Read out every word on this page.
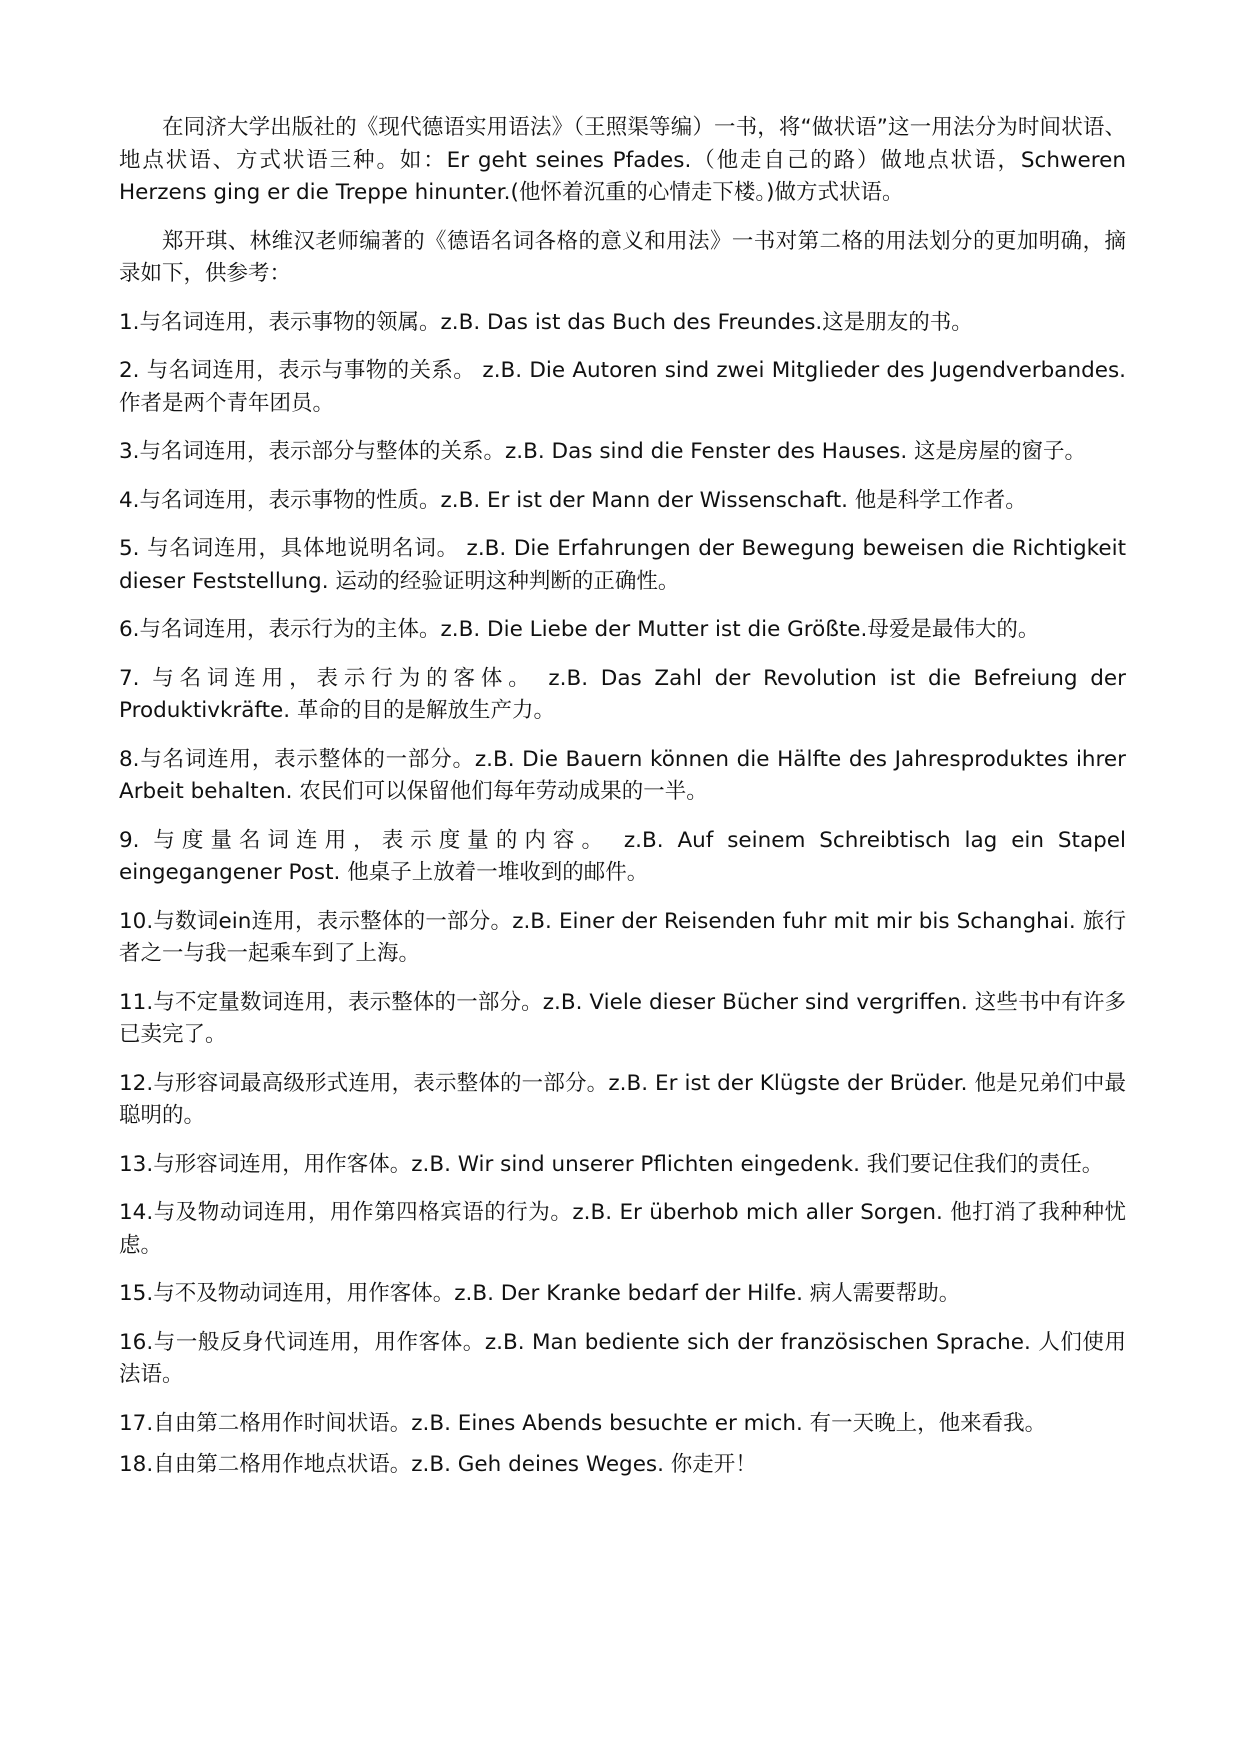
在同济大学出版社的《现代德语实用语法》（王照渠等编）一书，将“做状语”这一用法分为时间状语、地点状语、方式状语三种。如：Er geht seines Pfades.（他走自己的路）做地点状语，Schweren Herzens ging er die Treppe hinunter.(他怀着沉重的心情走下楼。)做方式状语。

郑开琪、林维汉老师编著的《德语名词各格的意义和用法》一书对第二格的用法划分的更加明确，摘录如下，供参考：

1.与名词连用，表示事物的领属。z.B. Das ist das Buch des Freundes.这是朋友的书。

2. 与名词连用，表示与事物的关系。 z.B. Die Autoren sind zwei Mitglieder des Jugendverbandes. 作者是两个青年团员。

3.与名词连用，表示部分与整体的关系。z.B. Das sind die Fenster des Hauses. 这是房屋的窗子。

4.与名词连用，表示事物的性质。z.B. Er ist der Mann der Wissenschaft. 他是科学工作者。

5. 与名词连用，具体地说明名词。 z.B. Die Erfahrungen der Bewegung beweisen die Richtigkeit dieser Feststellung. 运动的经验证明这种判断的正确性。

6.与名词连用，表示行为的主体。z.B. Die Liebe der Mutter ist die Größte.母爱是最伟大的。

7. 与名词连用，表示行为的客体。 z.B. Das Zahl der Revolution ist die Befreiung der Produktivkräfte. 革命的目的是解放生产力。

8.与名词连用，表示整体的一部分。z.B. Die Bauern können die Hälfte des Jahresproduktes ihrer Arbeit behalten. 农民们可以保留他们每年劳动成果的一半。

9. 与度量名词连用，表示度量的内容。 z.B. Auf seinem Schreibtisch lag ein Stapel eingegangener Post. 他桌子上放着一堆收到的邮件。

10.与数词ein连用，表示整体的一部分。z.B. Einer der Reisenden fuhr mit mir bis Schanghai. 旅行者之一与我一起乘车到了上海。

11.与不定量数词连用，表示整体的一部分。z.B. Viele dieser Bücher sind vergriffen. 这些书中有许多已卖完了。

12.与形容词最高级形式连用，表示整体的一部分。z.B. Er ist der Klügste der Brüder. 他是兄弟们中最聪明的。

13.与形容词连用，用作客体。z.B. Wir sind unserer Pflichten eingedenk. 我们要记住我们的责任。

14.与及物动词连用，用作第四格宾语的行为。z.B. Er überhob mich aller Sorgen. 他打消了我种种忧虑。

15.与不及物动词连用，用作客体。z.B. Der Kranke bedarf der Hilfe. 病人需要帮助。

16.与一般反身代词连用，用作客体。z.B. Man bediente sich der französischen Sprache. 人们使用法语。

17.自由第二格用作时间状语。z.B. Eines Abends besuchte er mich. 有一天晚上，他来看我。

18.自由第二格用作地点状语。z.B. Geh deines Weges. 你走开！
